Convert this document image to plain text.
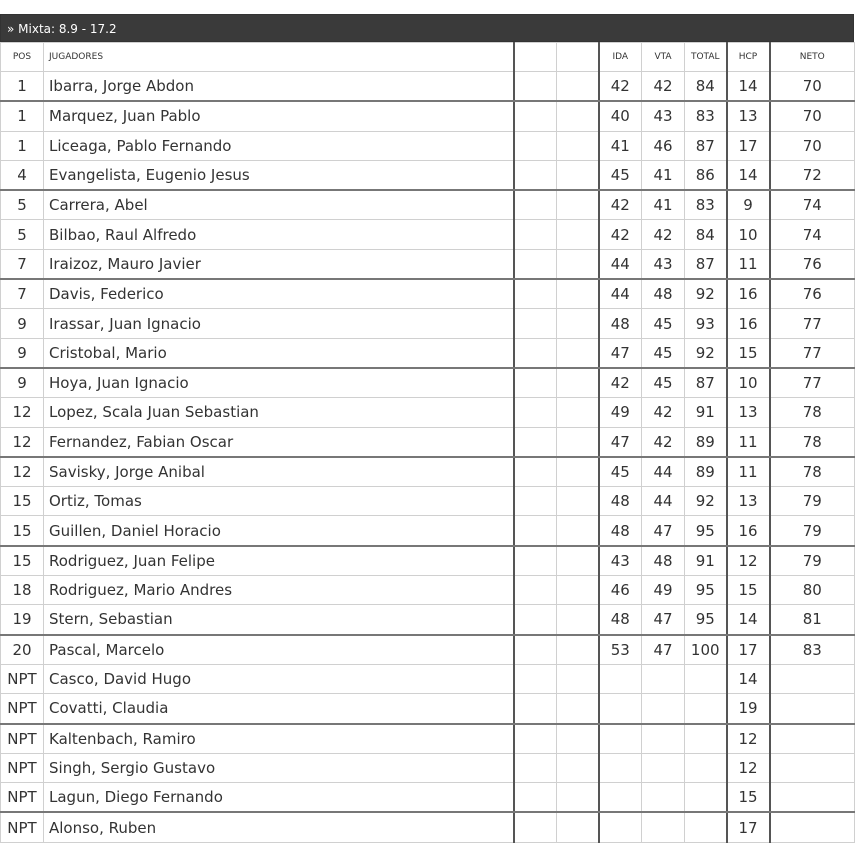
» Mixta: 8.9 - 17.2
POS	JUGADORES			IDA	VTA	TOTAL	HCP	NETO
1	Ibarra, Jorge Abdon			42	42	84	14	70
1	Marquez, Juan Pablo			40	43	83	13	70
1	Liceaga, Pablo Fernando			41	46	87	17	70
4	Evangelista, Eugenio Jesus			45	41	86	14	72
5	Carrera, Abel			42	41	83	9	74
5	Bilbao, Raul Alfredo			42	42	84	10	74
7	Iraizoz, Mauro Javier			44	43	87	11	76
7	Davis, Federico			44	48	92	16	76
9	Irassar, Juan Ignacio			48	45	93	16	77
9	Cristobal, Mario			47	45	92	15	77
9	Hoya, Juan Ignacio			42	45	87	10	77
12	Lopez, Scala Juan Sebastian			49	42	91	13	78
12	Fernandez, Fabian Oscar			47	42	89	11	78
12	Savisky, Jorge Anibal			45	44	89	11	78
15	Ortiz, Tomas			48	44	92	13	79
15	Guillen, Daniel Horacio			48	47	95	16	79
15	Rodriguez, Juan Felipe			43	48	91	12	79
18	Rodriguez, Mario Andres			46	49	95	15	80
19	Stern, Sebastian			48	47	95	14	81
20	Pascal, Marcelo			53	47	100	17	83
NPT	Casco, David Hugo						14	
NPT	Covatti, Claudia						19	
NPT	Kaltenbach, Ramiro						12	
NPT	Singh, Sergio Gustavo						12	
NPT	Lagun, Diego Fernando						15	
NPT	Alonso, Ruben						17	
